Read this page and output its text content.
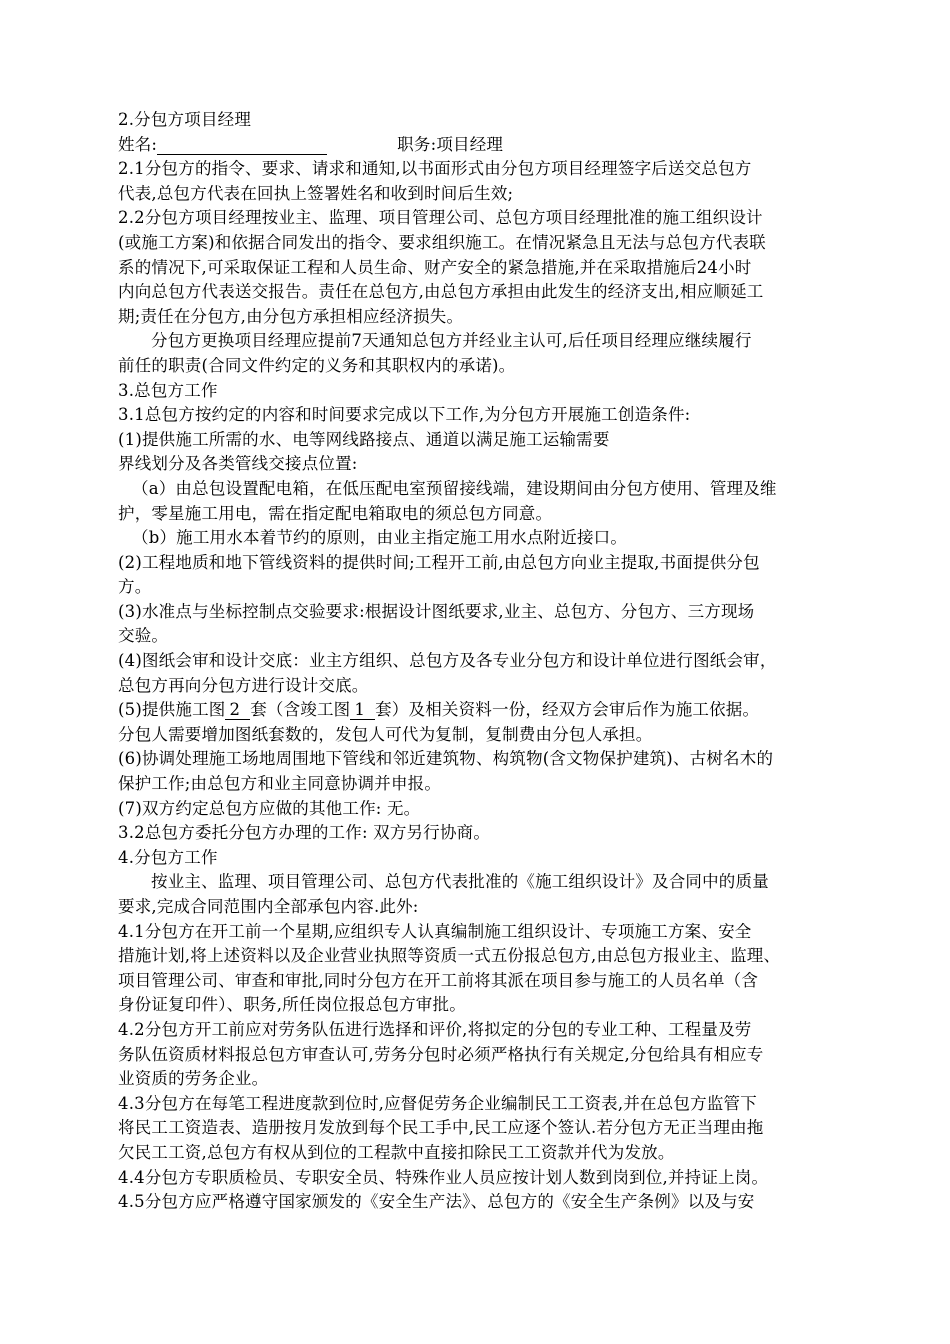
2.分包方项目经理
姓名:	职务:项目经理
2.1分包方的指令、要求、请求和通知,以书面形式由分包方项目经理签字后送交总包方
代表,总包方代表在回执上签署姓名和收到时间后生效;
2.2分包方项目经理按业主、监理、项目管理公司、总包方项目经理批准的施工组织设计
(或施工方案)和依据合同发出的指令、要求组织施工。在情况紧急且无法与总包方代表联
系的情况下,可采取保证工程和人员生命、财产安全的紧急措施,并在采取措施后24小时
内向总包方代表送交报告。责任在总包方,由总包方承担由此发生的经济支出,相应顺延工
期;责任在分包方,由分包方承担相应经济损失。
分包方更换项目经理应提前7天通知总包方并经业主认可,后任项目经理应继续履行
前任的职责(合同文件约定的义务和其职权内的承诺)。
3.总包方工作
3.1总包方按约定的内容和时间要求完成以下工作,为分包方开展施工创造条件:
(1)提供施工所需的水、电等网线路接点、通道以满足施工运输需要
界线划分及各类管线交接点位置:
（a）由总包设置配电箱，在低压配电室预留接线端，建设期间由分包方使用、管理及维
护，零星施工用电，需在指定配电箱取电的须总包方同意。
（b）施工用水本着节约的原则，由业主指定施工用水点附近接口。
(2)工程地质和地下管线资料的提供时间;工程开工前,由总包方向业主提取,书面提供分包
方。
(3)水准点与坐标控制点交验要求:根据设计图纸要求,业主、总包方、分包方、三方现场
交验。
(4)图纸会审和设计交底：业主方组织、总包方及各专业分包方和设计单位进行图纸会审，
总包方再向分包方进行设计交底。
(5)提供施工图 2 套（含竣工图 1 套）及相关资料一份，经双方会审后作为施工依据。
分包人需要增加图纸套数的，发包人可代为复制，复制费由分包人承担。
(6)协调处理施工场地周围地下管线和邻近建筑物、构筑物(含文物保护建筑)、古树名木的
保护工作;由总包方和业主同意协调并申报。
(7)双方约定总包方应做的其他工作: 无。
3.2总包方委托分包方办理的工作: 双方另行协商。
4.分包方工作
按业主、监理、项目管理公司、总包方代表批准的《施工组织设计》及合同中的质量
要求,完成合同范围内全部承包内容.此外:
4.1分包方在开工前一个星期,应组织专人认真编制施工组织设计、专项施工方案、安全
措施计划,将上述资料以及企业营业执照等资质一式五份报总包方,由总包方报业主、监理、
项目管理公司、审查和审批,同时分包方在开工前将其派在项目参与施工的人员名单（含
身份证复印件）、职务,所任岗位报总包方审批。
4.2分包方开工前应对劳务队伍进行选择和评价,将拟定的分包的专业工种、工程量及劳
务队伍资质材料报总包方审查认可,劳务分包时必须严格执行有关规定,分包给具有相应专
业资质的劳务企业。
4.3分包方在每笔工程进度款到位时,应督促劳务企业编制民工工资表,并在总包方监管下
将民工工资造表、造册按月发放到每个民工手中,民工应逐个签认.若分包方无正当理由拖
欠民工工资,总包方有权从到位的工程款中直接扣除民工工资款并代为发放。
4.4分包方专职质检员、专职安全员、特殊作业人员应按计划人数到岗到位,并持证上岗。
4.5分包方应严格遵守国家颁发的《安全生产法》、总包方的《安全生产条例》以及与安
